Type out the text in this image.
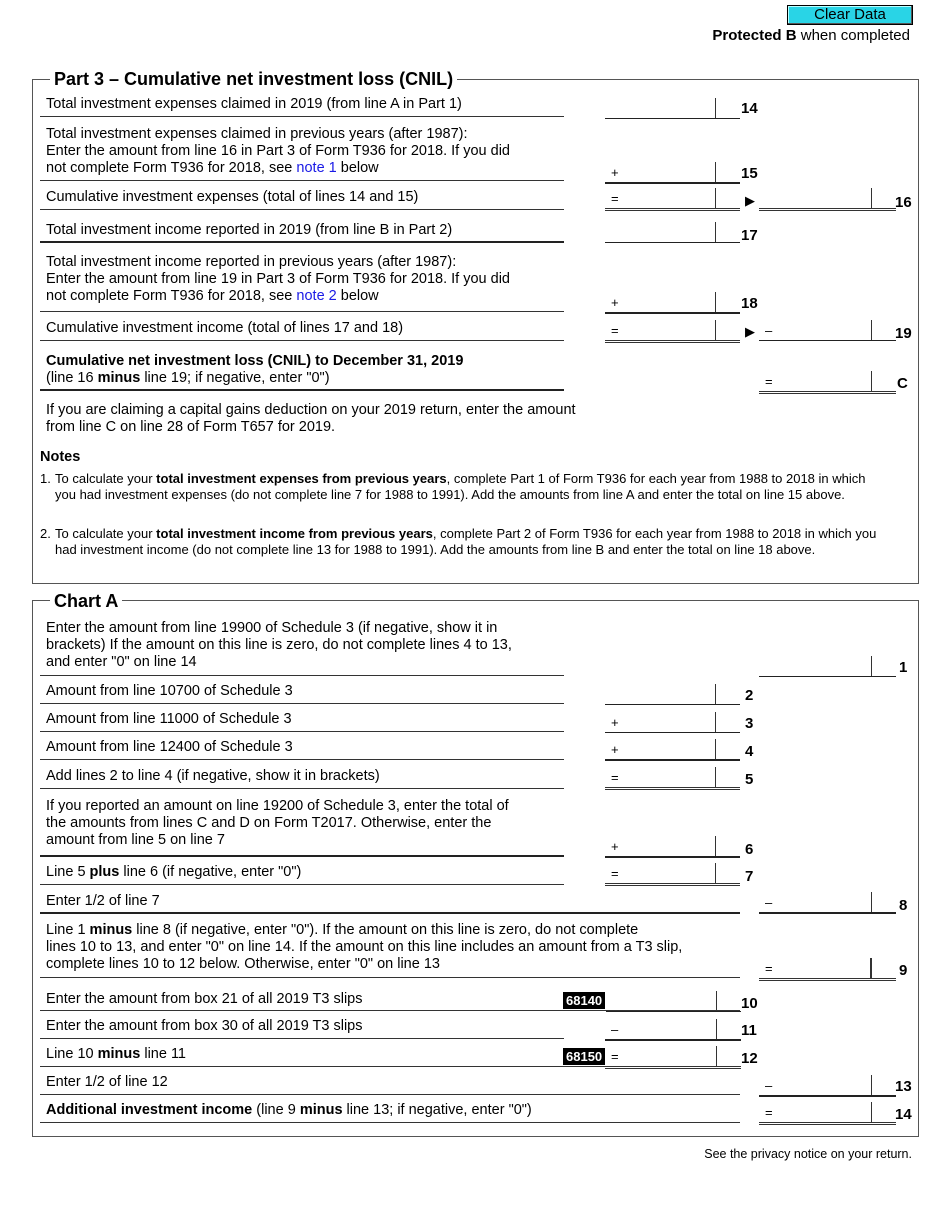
Clear Data
Protected B when completed
Part 3 – Cumulative net investment loss (CNIL)
Total investment expenses claimed in 2019 (from line A in Part 1)	14
Total investment expenses claimed in previous years (after 1987):
Enter the amount from line 16 in Part 3 of Form T936 for 2018. If you did
not complete Form T936 for 2018, see note 1 below	+	15
Cumulative investment expenses (total of lines 14 and 15)	=	▶	16
Total investment income reported in 2019 (from line B in Part 2)	17
Total investment income reported in previous years (after 1987):
Enter the amount from line 19 in Part 3 of Form T936 for 2018. If you did
not complete Form T936 for 2018, see note 2 below	+	18
Cumulative investment income (total of lines 17 and 18)	=	▶ –	19
Cumulative net investment loss (CNIL) to December 31, 2019
(line 16 minus line 19; if negative, enter "0")	=	C
If you are claiming a capital gains deduction on your 2019 return, enter the amount
from line C on line 28 of Form T657 for 2019.
Notes
1. To calculate your total investment expenses from previous years, complete Part 1 of Form T936 for each year from 1988 to 2018 in which you had investment expenses (do not complete line 7 for 1988 to 1991). Add the amounts from line A and enter the total on line 15 above.
2. To calculate your total investment income from previous years, complete Part 2 of Form T936 for each year from 1988 to 2018 in which you had investment income (do not complete line 13 for 1988 to 1991). Add the amounts from line B and enter the total on line 18 above.
Chart A
Enter the amount from line 19900 of Schedule 3 (if negative, show it in
brackets) If the amount on this line is zero, do not complete lines 4 to 13,
and enter "0" on line 14	1
Amount from line 10700 of Schedule 3	2
Amount from line 11000 of Schedule 3	+	3
Amount from line 12400 of Schedule 3	+	4
Add lines 2 to line 4 (if negative, show it in brackets)	=	5
If you reported an amount on line 19200 of Schedule 3, enter the total of
the amounts from lines C and D on Form T2017. Otherwise, enter the
amount from line 5 on line 7	+	6
Line 5 plus line 6 (if negative, enter "0")	=	7
Enter 1/2 of line 7	–	8
Line 1 minus line 8 (if negative, enter "0"). If the amount on this line is zero, do not complete
lines 10 to 13, and enter "0" on line 14. If the amount on this line includes an amount from a T3 slip,
complete lines 10 to 12 below. Otherwise, enter "0" on line 13	=	9
Enter the amount from box 21 of all 2019 T3 slips	68140	10
Enter the amount from box 30 of all 2019 T3 slips	–	11
Line 10 minus line 11	68150 =	12
Enter 1/2 of line 12	–	13
Additional investment income (line 9 minus line 13; if negative, enter "0")	=	14
See the privacy notice on your return.
